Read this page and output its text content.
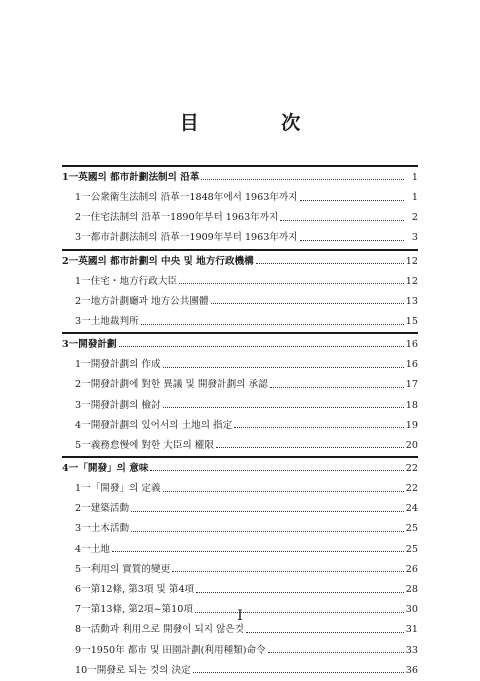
目 次
1一英國의 都市計劃法制의 沿革	1
1一公衆衛生法制의 沿革一1848年에서 1963年까지	1
2一住宅法制의 沿革一1890年부터 1963年까지	2
3一都市計劃法制의 沿革一1909年부터 1963年까지	3
2一英國의 都市計劃의 中央 및 地方行政機構	12
1一住宅・地方行政大臣	12
2一地方計劃廳과 地方公共團體	13
3一土地裁判所	15
3一開發計劃	16
1一開發計劃의 作成	16
2一開發計劃에 對한 異議 및 開發計劃의 承認	17
3一開發計劃의 檢討	18
4一開發計劃의 있어서의 土地의 指定	19
5一義務怠慢에 對한 大臣의 權限	20
4一「開發」의 意味	22
1一「開發」의 定義	22
2一建築活動	24
3一土木活動	25
4一土地	25
5一利用의 實質的變更	26
6一第12條, 第3項 및 第4項	28
7一第13條, 第2項~第10項	30
8一活動과 利用으로 開發이 되지 않은것	31
9一1950年 都市 및 田園計劃(利用種類)命令	33
10一開發로 되는 것의 決定	36
I
